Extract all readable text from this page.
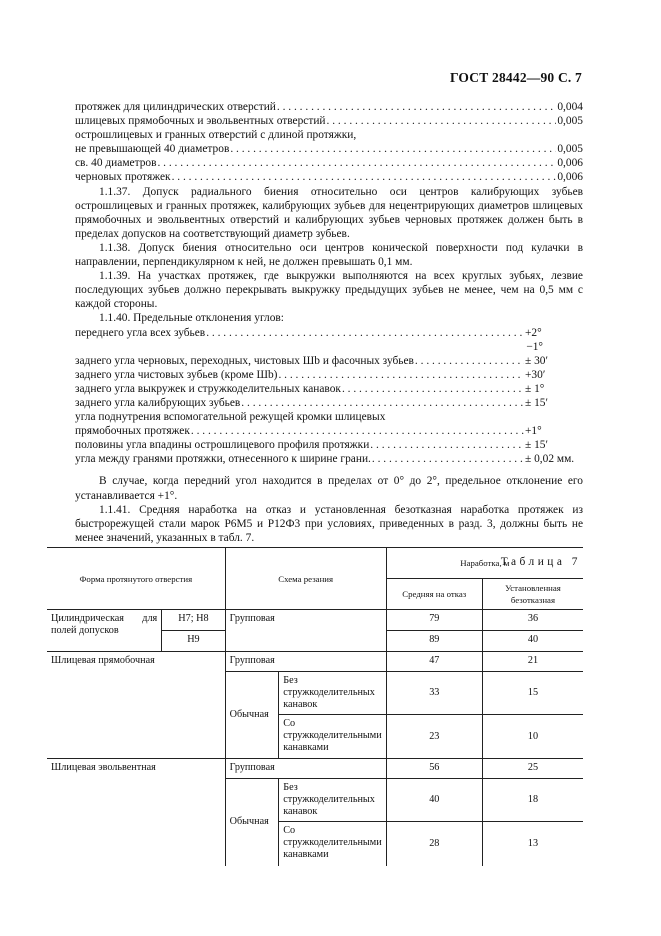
ГОСТ 28442—90 С. 7
протяжек для цилиндрических отверстий . . .	0,004
шлицевых прямобочных и эвольвентных отверстий . . .	0,005
острошлицевых и гранных отверстий с длиной протяжки,
не превышающей 40 диаметров . . .	0,005
св. 40 диаметров . . .	0,006
черновых протяжек . . .	0,006
1.1.37. Допуск радиального биения относительно оси центров калибрующих зубьев острошлицевых и гранных протяжек, калибрующих зубьев для нецентрирующих диаметров шлицевых прямобочных и эвольвентных отверстий и калибрующих зубьев черновых протяжек должен быть в пределах допусков на соответствующий диаметр зубьев.
1.1.38. Допуск биения относительно оси центров конической поверхности под кулачки в направлении, перпендикулярном к ней, не должен превышать 0,1 мм.
1.1.39. На участках протяжек, где выкружки выполняются на всех круглых зубьях, лезвие последующих зубьев должно перекрывать выкружку предыдущих зубьев не менее, чем на 0,5 мм с каждой стороны.
1.1.40. Предельные отклонения углов:
переднего угла всех зубьев . . .	+2°
−1°
заднего угла черновых, переходных, чистовых Шb и фасочных зубьев . . .	± 30′
заднего угла чистовых зубьев (кроме Шb) . . .	+30′
заднего угла выкружек и стружкоделительных канавок . . .	± 1°
заднего угла калибрующих зубьев . . .	± 15′
угла поднутрения вспомогательной режущей кромки шлицевых
прямобочных протяжек . . .	+1°
половины угла впадины острошлицевого профиля протяжки . . .	± 15′
угла между гранями протяжки, отнесенного к ширине грани. . . .	± 0,02 мм.
В случае, когда передний угол находится в пределах от 0° до 2°, предельное отклонение его устанавливается +1°.
1.1.41. Средняя наработка на отказ и установленная безотказная наработка протяжек из быстрорежущей стали марок Р6М5 и Р12Ф3 при условиях, приведенных в разд. 3, должны быть не менее значений, указанных в табл. 7.
Таблица 7
Форма протянутого отверстия		Схема резания		Наработка, м	
				Средняя на отказ	Установленная безотказная
Цилиндрическая для полей допусков	H7; H8	Групповая		79	36
	H9			89	40
Шлицевая прямобочная		Групповая		47	21
		Обычная	Без стружкоделительных канавок	33	15
			Со стружкоделительными канавками	23	10
Шлицевая эвольвентная		Групповая		56	25
		Обычная	Без стружкоделительных канавок	40	18
			Со стружкоделительными канавками	28	13
